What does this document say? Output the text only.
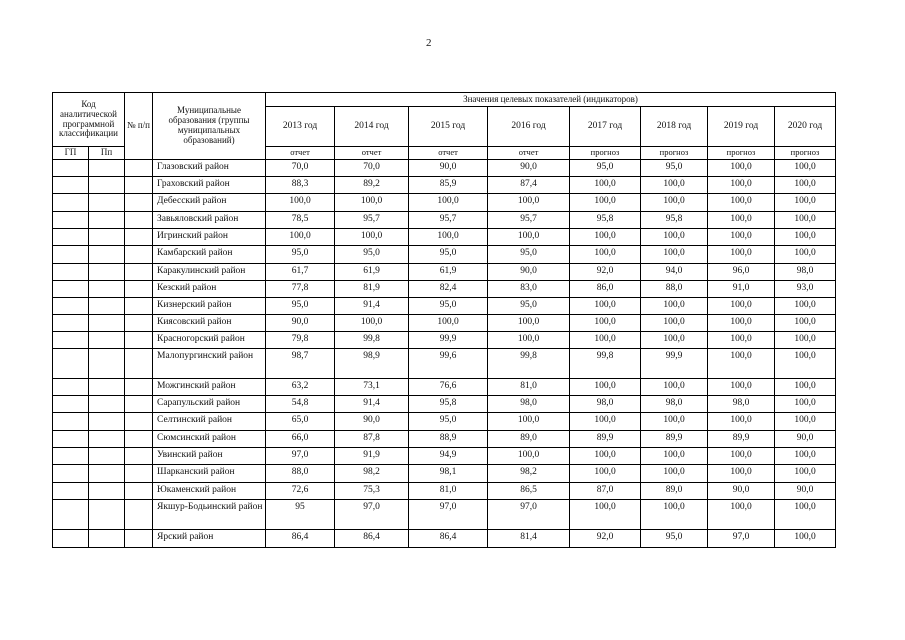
2
Код аналитической программной классификации		№ п/п	Муниципальные образования (группы муниципальных образований)	Значения целевых показателей (индикаторов)							
				2013 год	2014 год	2015 год	2016 год	2017 год	2018 год	2019 год	2020 год

ГП	Пп			отчет	отчет	отчет	отчет	прогноз	прогноз	прогноз	прогноз
			Глазовский район	70,0	70,0	90,0	90,0	95,0	95,0	100,0	100,0
			Граховский район	88,3	89,2	85,9	87,4	100,0	100,0	100,0	100,0
			Дебесский район	100,0	100,0	100,0	100,0	100,0	100,0	100,0	100,0
			Завьяловский район	78,5	95,7	95,7	95,7	95,8	95,8	100,0	100,0
			Игринский район	100,0	100,0	100,0	100,0	100,0	100,0	100,0	100,0
			Камбарский район	95,0	95,0	95,0	95,0	100,0	100,0	100,0	100,0
			Каракулинский район	61,7	61,9	61,9	90,0	92,0	94,0	96,0	98,0
			Кезский район	77,8	81,9	82,4	83,0	86,0	88,0	91,0	93,0
			Кизнерский район	95,0	91,4	95,0	95,0	100,0	100,0	100,0	100,0
			Киясовский район	90,0	100,0	100,0	100,0	100,0	100,0	100,0	100,0
			Красногорский район	79,8	99,8	99,9	100,0	100,0	100,0	100,0	100,0
			Малопургинский район	98,7	98,9	99,6	99,8	99,8	99,9	100,0	100,0
			Можгинский район	63,2	73,1	76,6	81,0	100,0	100,0	100,0	100,0
			Сарапульский район	54,8	91,4	95,8	98,0	98,0	98,0	98,0	100,0
			Селтинский район	65,0	90,0	95,0	100,0	100,0	100,0	100,0	100,0
			Сюмсинский район	66,0	87,8	88,9	89,0	89,9	89,9	89,9	90,0
			Увинский район	97,0	91,9	94,9	100,0	100,0	100,0	100,0	100,0
			Шарканский район	88,0	98,2	98,1	98,2	100,0	100,0	100,0	100,0
			Юкаменский район	72,6	75,3	81,0	86,5	87,0	89,0	90,0	90,0
			Якшур-Бодьинский район	95	97,0	97,0	97,0	100,0	100,0	100,0	100,0
			Ярский район	86,4	86,4	86,4	81,4	92,0	95,0	97,0	100,0
